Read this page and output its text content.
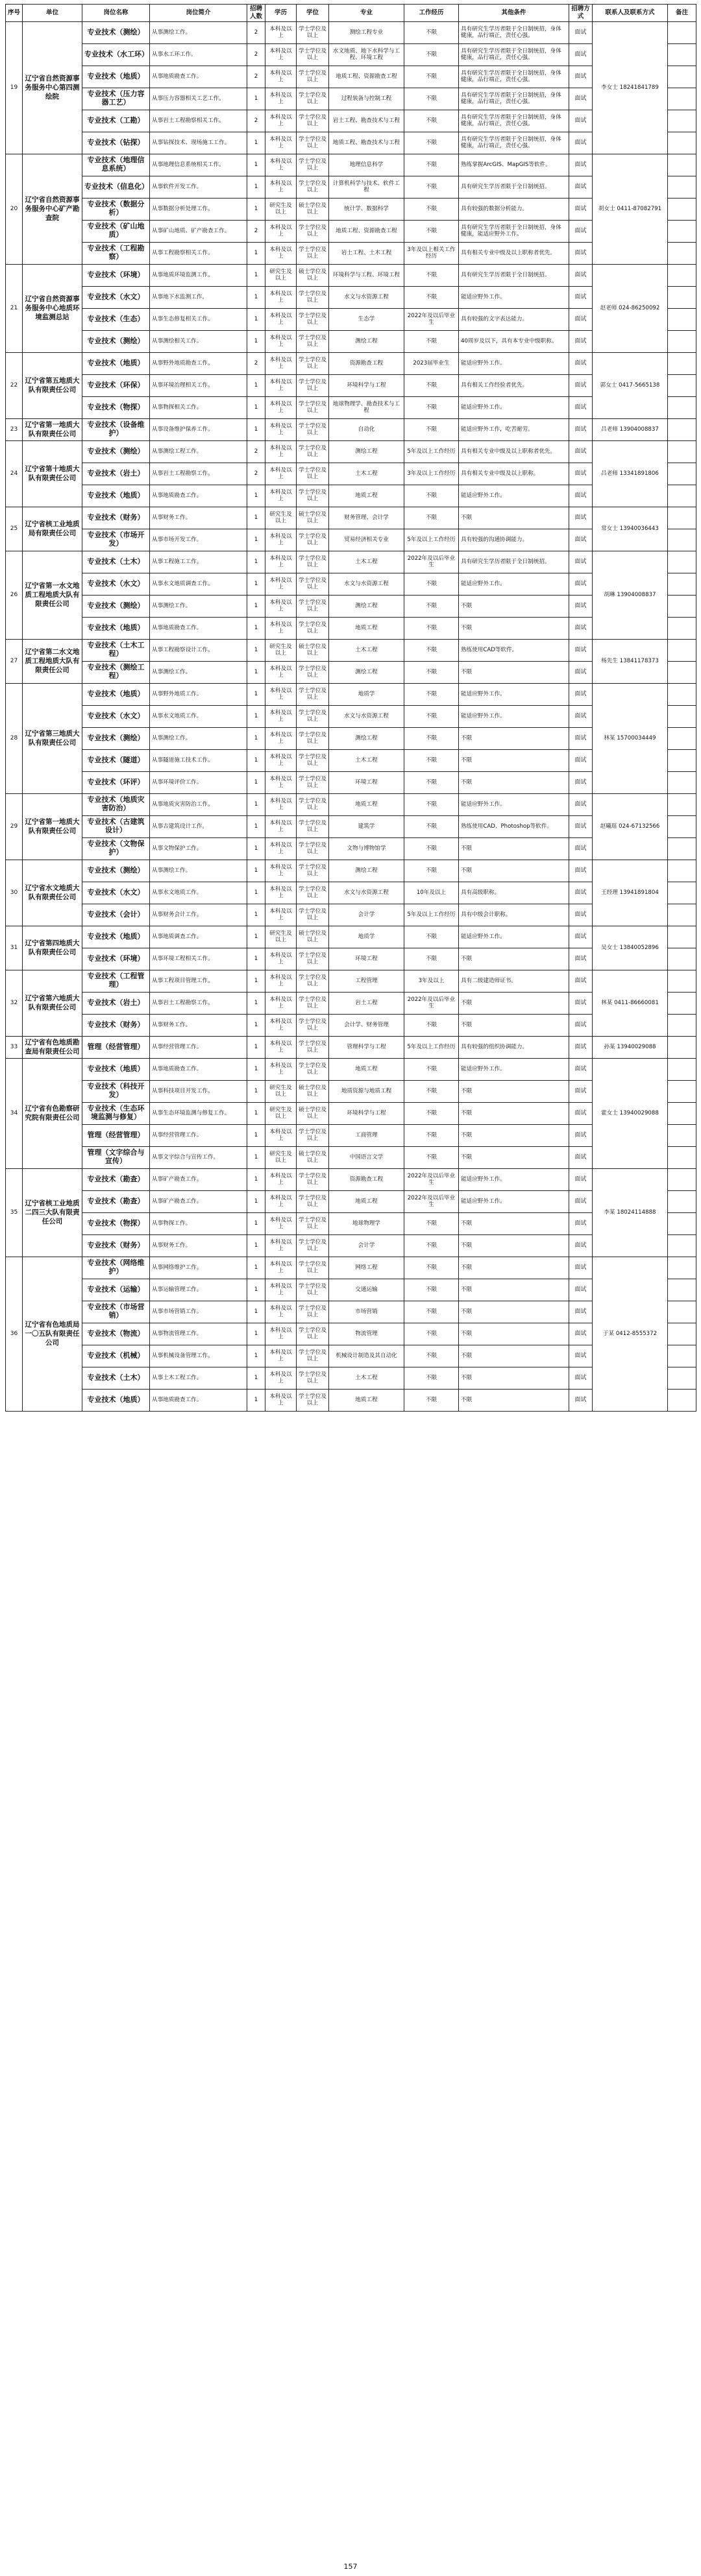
序号	单位	岗位名称	岗位简介	招聘人数	学历	学位	专业	工作经历	其他条件	招聘方式	联系人及联系方式	备注
19	辽宁省自然资源事务服务中心第四测绘院	专业技术（测绘）	从事测绘工作。	2	本科及以上	学士学位及以上	测绘工程专业	不限	具有研究生学历者限于全日制统招，身体健康，品行端正，责任心强。	面试	李女士 18241841789	
		专业技术（水工环）	从事水工环工作。	2	本科及以上	学士学位及以上	水文地质、地下水科学与工程、环境工程	不限	具有研究生学历者限于全日制统招，身体健康，品行端正，责任心强。	面试		
		专业技术（地质）	从事地质勘查工作。	2	本科及以上	学士学位及以上	地质工程、资源勘查工程	不限	具有研究生学历者限于全日制统招，身体健康，品行端正，责任心强。	面试		
		专业技术（压力容器工艺）	从事压力容器相关工艺工作。	1	本科及以上	学士学位及以上	过程装备与控制工程	不限	具有研究生学历者限于全日制统招，身体健康，品行端正，责任心强。	面试		
		专业技术（工勘）	从事岩土工程勘察相关工作。	2	本科及以上	学士学位及以上	岩土工程、勘查技术与工程	不限	具有研究生学历者限于全日制统招，身体健康，品行端正，责任心强。	面试		
		专业技术（钻探）	从事钻探技术、现场施工工作。	1	本科及以上	学士学位及以上	地质工程、勘查技术与工程	不限	具有研究生学历者限于全日制统招，身体健康，品行端正，责任心强。	面试		
20	辽宁省自然资源事务服务中心矿产勘查院	专业技术（地理信息系统）	从事地理信息系统相关工作。	1	本科及以上	学士学位及以上	地理信息科学	不限	熟练掌握ArcGIS、MapGIS等软件。	面试	胡女士 0411-87082791	
		专业技术（信息化）	从事软件开发工作。	1	本科及以上	学士学位及以上	计算机科学与技术、软件工程	不限	具有研究生学历者限于全日制统招。	面试		
		专业技术（数据分析）	从事数据分析处理工作。	1	研究生及以上	硕士学位及以上	统计学、数据科学	不限	具有较强的数据分析能力。	面试		
		专业技术（矿山地质）	从事矿山地质、矿产勘查工作。	2	本科及以上	学士学位及以上	地质工程、资源勘查工程	不限	具有研究生学历者限于全日制统招，身体健康，能适应野外工作。	面试		
		专业技术（工程勘察）	从事工程勘察相关工作。	1	本科及以上	学士学位及以上	岩土工程、土木工程	3年及以上相关工作经历	具有相关专业中级及以上职称者优先。	面试		
21	辽宁省自然资源事务服务中心地质环境监测总站	专业技术（环境）	从事地质环境监测工作。	1	研究生及以上	硕士学位及以上	环境科学与工程、环境工程	不限	具有研究生学历者限于全日制统招。	面试	赵老师 024-86250092	
		专业技术（水文）	从事地下水监测工作。	1	本科及以上	学士学位及以上	水文与水资源工程	不限	能适应野外工作。	面试		
		专业技术（生态）	从事生态修复相关工作。	1	本科及以上	学士学位及以上	生态学	2022年及以后毕业生	具有较强的文字表达能力。	面试		
		专业技术（测绘）	从事测绘相关工作。	1	本科及以上	学士学位及以上	测绘工程	不限	40周岁及以下，具有本专业中级职称。	面试		
22	辽宁省第五地质大队有限责任公司	专业技术（地质）	从事野外地质勘查工作。	2	本科及以上	学士学位及以上	资源勘查工程	2023届毕业生	能适应野外工作。	面试	郭女士 0417-5665138	
		专业技术（环保）	从事环境治理相关工作。	1	本科及以上	学士学位及以上	环境科学与工程	不限	具有相关工作经验者优先。	面试		
		专业技术（物探）	从事物探相关工作。	1	本科及以上	学士学位及以上	地球物理学、勘查技术与工程	不限	能适应野外工作。	面试		
23	辽宁省第一地质大队有限责任公司	专业技术（设备维护）	从事设备维护保养工作。	1	本科及以上	学士学位及以上	自动化	不限	能适应野外工作，吃苦耐劳。	面试	吕老师 13904008837	
24	辽宁省第十地质大队有限责任公司	专业技术（测绘）	从事测绘工程工作。	2	本科及以上	学士学位及以上	测绘工程	5年及以上工作经历	具有相关专业中级及以上职称者优先。	面试	吕老师 13341891806	
		专业技术（岩土）	从事岩土工程勘察工作。	2	本科及以上	学士学位及以上	土木工程	3年及以上工作经历	具有相关专业中级及以上职称。	面试		
		专业技术（地质）	从事地质勘查工作。	1	本科及以上	学士学位及以上	地质工程	不限	能适应野外工作。	面试		
25	辽宁省核工业地质局有限责任公司	专业技术（财务）	从事财务工作。	1	研究生及以上	硕士学位及以上	财务管理、会计学	不限	不限	面试	常女士 13940036443	
		专业技术（市场开发）	从事市场开发工作。	1	本科及以上	学士学位及以上	贸易经济相关专业	5年及以上工作经历	具有较强的沟通协调能力。	面试		
26	辽宁省第一水文地质工程地质大队有限责任公司	专业技术（土木）	从事工程施工工作。	1	本科及以上	学士学位及以上	土木工程	2022年及以后毕业生	具有研究生学历者限于全日制统招。	面试	胡琳 13904008837	
		专业技术（水文）	从事水文地质调查工作。	1	本科及以上	学士学位及以上	水文与水资源工程	不限	能适应野外工作。	面试		
		专业技术（测绘）	从事测绘工作。	1	本科及以上	学士学位及以上	测绘工程	不限	不限	面试		
		专业技术（地质）	从事地质勘查工作。	1	本科及以上	学士学位及以上	地质工程	不限	不限	面试		
27	辽宁省第二水文地质工程地质大队有限责任公司	专业技术（土木工程）	从事工程勘察设计工作。	1	研究生及以上	硕士学位及以上	土木工程	不限	熟练使用CAD等软件。	面试	杨先生 13841178373	
		专业技术（测绘工程）	从事测绘工作。	1	本科及以上	学士学位及以上	测绘工程	不限	不限	面试		
28	辽宁省第三地质大队有限责任公司	专业技术（地质）	从事野外地质工作。	1	本科及以上	学士学位及以上	地质学	不限	能适应野外工作。	面试	林某 15700034449	
		专业技术（水文）	从事水文地质工作。	1	本科及以上	学士学位及以上	水文与水资源工程	不限	能适应野外工作。	面试		
		专业技术（测绘）	从事测绘工作。	1	本科及以上	学士学位及以上	测绘工程	不限	不限	面试		
		专业技术（隧道）	从事隧道施工技术工作。	1	本科及以上	学士学位及以上	土木工程	不限	不限	面试		
		专业技术（环评）	从事环境评价工作。	1	本科及以上	学士学位及以上	环境工程	不限	不限	面试		
29	辽宁省第一地质大队有限责任公司	专业技术（地质灾害防治）	从事地质灾害防治工作。	1	本科及以上	学士学位及以上	地质工程	不限	能适应野外工作。	面试	赵曦瑶 024-67132566	
		专业技术（古建筑设计）	从事古建筑设计工作。	1	本科及以上	学士学位及以上	建筑学	不限	熟练使用CAD、Photoshop等软件。	面试		
		专业技术（文物保护）	从事文物保护工作。	1	本科及以上	学士学位及以上	文物与博物馆学	不限	不限	面试		
30	辽宁省水文地质大队有限责任公司	专业技术（测绘）	从事测绘工作。	1	本科及以上	学士学位及以上	测绘工程	不限	不限	面试	王经理 13941891804	
		专业技术（水文）	从事水文地质工作。	1	本科及以上	学士学位及以上	水文与水资源工程	10年及以上	具有高级职称。	面试		
		专业技术（会计）	从事财务会计工作。	1	本科及以上	学士学位及以上	会计学	5年及以上工作经历	具有中级会计职称。	面试		
31	辽宁省第四地质大队有限责任公司	专业技术（地质）	从事地质调查工作。	1	研究生及以上	硕士学位及以上	地质学	不限	能适应野外工作。	面试	吴女士 13840052896	
		专业技术（环境）	从事环境工程相关工作。	1	本科及以上	学士学位及以上	环境工程	不限	不限	面试		
32	辽宁省第六地质大队有限责任公司	专业技术（工程管理）	从事工程项目管理工作。	1	本科及以上	学士学位及以上	工程管理	3年及以上	具有二级建造师证书。	面试	林某 0411-86660081	
		专业技术（岩土）	从事岩土工程勘察工作。	1	本科及以上	学士学位及以上	岩土工程	2022年及以后毕业生	不限	面试		
		专业技术（财务）	从事财务工作。	1	本科及以上	学士学位及以上	会计学、财务管理	不限	不限	面试		
33	辽宁省有色地质勘查局有限责任公司	管理（经营管理）	从事经营管理工作。	1	本科及以上	学士学位及以上	管理科学与工程	5年及以上工作经历	具有较强的组织协调能力。	面试	孙某 13940029088	
34	辽宁省有色勘察研究院有限责任公司	专业技术（地质）	从事地质勘查工作。	1	本科及以上	学士学位及以上	地质工程	不限	能适应野外工作。	面试	霍女士 13940029088	
		专业技术（科技开发）	从事科技项目开发工作。	1	研究生及以上	硕士学位及以上	地质资源与地质工程	不限	不限	面试		
		专业技术（生态环境监测与修复）	从事生态环境监测与修复工作。	1	研究生及以上	硕士学位及以上	环境科学与工程	不限	不限	面试		
		管理（经营管理）	从事经营管理工作。	1	本科及以上	学士学位及以上	工商管理	不限	不限	面试		
		管理（文字综合与宣传）	从事文字综合与宣传工作。	1	研究生及以上	硕士学位及以上	中国语言文学	不限	不限	面试		
35	辽宁省核工业地质二四三大队有限责任公司	专业技术（勘查）	从事矿产勘查工作。	1	本科及以上	学士学位及以上	资源勘查工程	2022年及以后毕业生	能适应野外工作。	面试	李某 18024114888	
		专业技术（勘查）	从事矿产勘查工作。	1	本科及以上	学士学位及以上	地质工程	2022年及以后毕业生	能适应野外工作。	面试		
		专业技术（物探）	从事物探工作。	1	本科及以上	学士学位及以上	地球物理学	不限	不限	面试		
		专业技术（财务）	从事财务工作。	1	本科及以上	学士学位及以上	会计学	不限	不限	面试		
36	辽宁省有色地质局一〇五队有限责任公司	专业技术（网络维护）	从事网络维护工作。	1	本科及以上	学士学位及以上	网络工程	不限	不限	面试	于某 0412-8555372	
		专业技术（运输）	从事运输管理工作。	1	本科及以上	学士学位及以上	交通运输	不限	不限	面试		
		专业技术（市场营销）	从事市场营销工作。	1	本科及以上	学士学位及以上	市场营销	不限	不限	面试		
		专业技术（物流）	从事物流管理工作。	1	本科及以上	学士学位及以上	物流管理	不限	不限	面试		
		专业技术（机械）	从事机械设备管理工作。	1	本科及以上	学士学位及以上	机械设计制造及其自动化	不限	不限	面试		
		专业技术（土木）	从事土木工程工作。	1	本科及以上	学士学位及以上	土木工程	不限	不限	面试		
		专业技术（地质）	从事地质勘查工作。	1	本科及以上	学士学位及以上	地质工程	不限	不限	面试		
157
